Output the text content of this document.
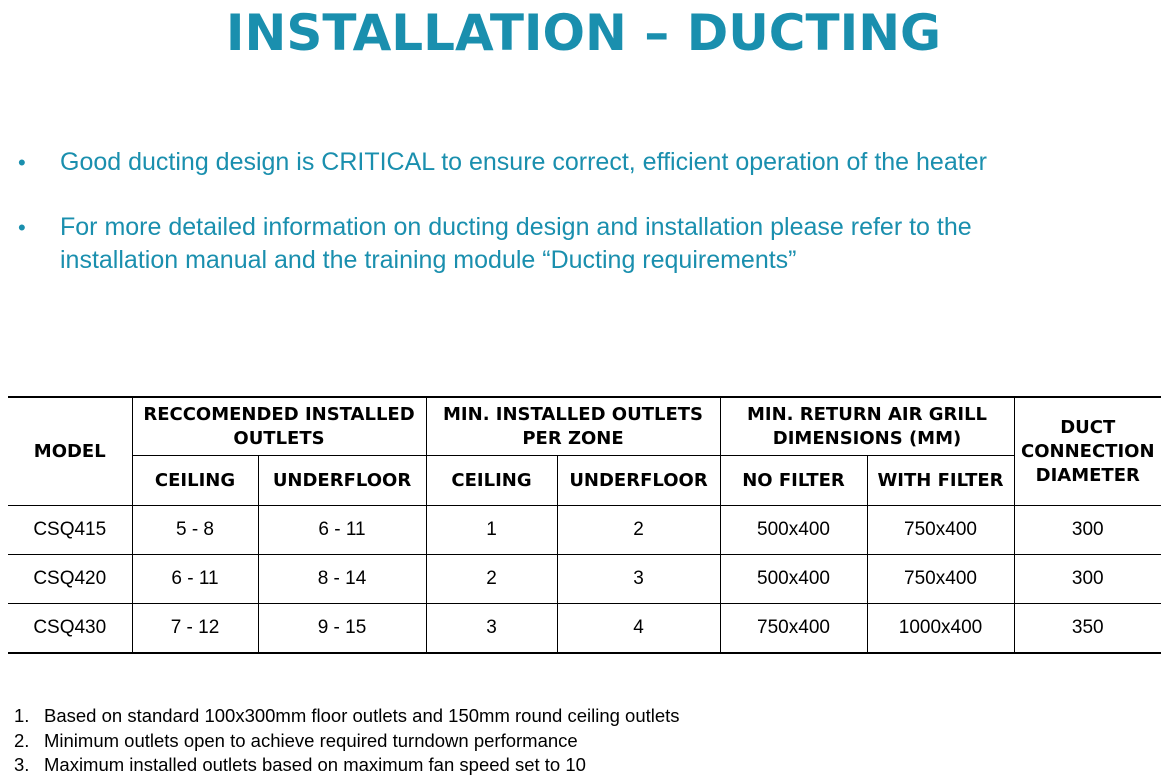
INSTALLATION – DUCTING
• Good ducting design is CRITICAL to ensure correct, efficient operation of the heater
• For more detailed information on ducting design and installation please refer to the
installation manual and the training module “Ducting requirements”
MODEL	RECCOMENDED INSTALLED OUTLETS		MIN. INSTALLED OUTLETS PER ZONE		MIN. RETURN AIR GRILL DIMENSIONS (MM)		DUCT CONNECTION DIAMETER
	CEILING	UNDERFLOOR	CEILING	UNDERFLOOR	NO FILTER	WITH FILTER	
CSQ415	5 - 8	6 - 11	1	2	500x400	750x400	300
CSQ420	6 - 11	8 - 14	2	3	500x400	750x400	300
CSQ430	7 - 12	9 - 15	3	4	750x400	1000x400	350
1. Based on standard 100x300mm floor outlets and 150mm round ceiling outlets
2. Minimum outlets open to achieve required turndown performance
3. Maximum installed outlets based on maximum fan speed set to 10
